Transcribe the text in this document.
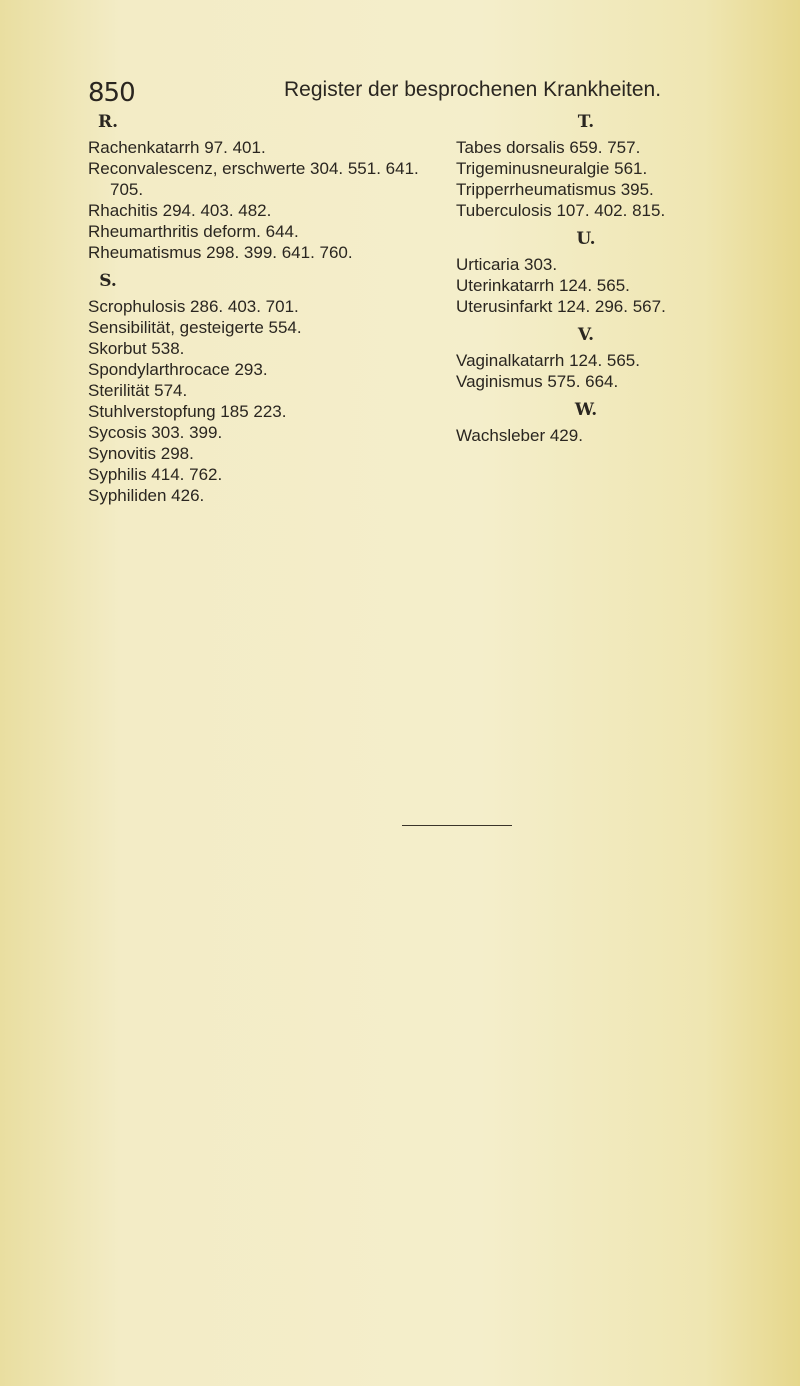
850	Register der besprochenen Krankheiten.
R.
Rachenkatarrh 97. 401.
Reconvalescenz, erschwerte 304. 551. 641.
705.
Rhachitis 294. 403. 482.
Rheumarthritis deform. 644.
Rheumatismus 298. 399. 641. 760.
S.
Scrophulosis 286. 403. 701.
Sensibilität, gesteigerte 554.
Skorbut 538.
Spondylarthrocace 293.
Sterilität 574.
Stuhlverstopfung 185 223.
Sycosis 303. 399.
Synovitis 298.
Syphilis 414. 762.
Syphiliden 426.
T.
Tabes dorsalis 659. 757.
Trigeminusneuralgie 561.
Tripperrheumatismus 395.
Tuberculosis 107. 402. 815.
U.
Urticaria 303.
Uterinkatarrh 124. 565.
Uterusinfarkt 124. 296. 567.
V.
Vaginalkatarrh 124. 565.
Vaginismus 575. 664.
W.
Wachsleber 429.
